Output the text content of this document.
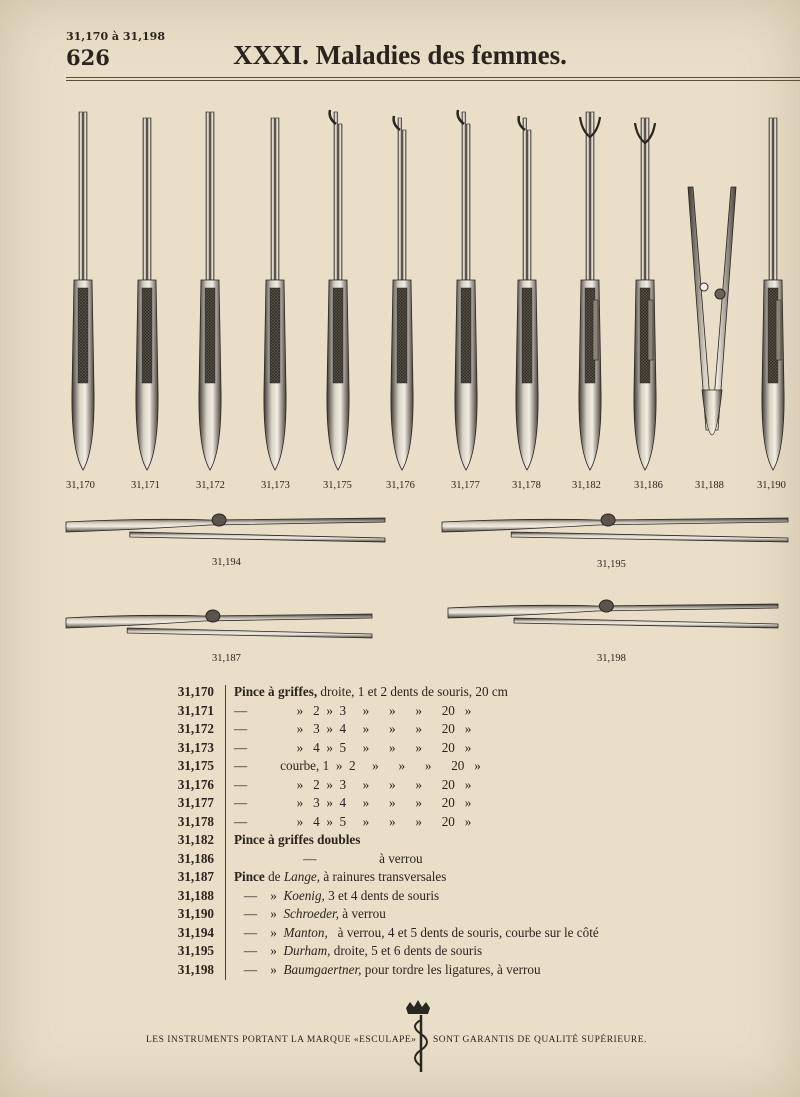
31,170 à 31,198
626	XXXI. Maladies des femmes.
31,170	31,171	31,172	31,173	31,175	31,176	31,177	31,178	31,182	31,186	31,188	31,190
31,194	31,195
31,187	31,198
31,170 Pince à griffes, droite, 1 et 2 dents de souris, 20 cm
31,171 —               »   2  »  3     »      »      »      20   »
31,172 —               »   3  »  4     »      »      »      20   »
31,173 —               »   4  »  5     »      »      »      20   »
31,175 —          courbe, 1  »  2     »      »      »      20   »
31,176 —               »   2  »  3     »      »      »      20   »
31,177 —               »   3  »  4     »      »      »      20   »
31,178 —               »   4  »  5     »      »      »      20   »
31,182 Pince à griffes doubles
31,186 —                   à verrou
31,187 Pince de Lange, à rainures transversales
31,188 —    »  Koenig, 3 et 4 dents de souris
31,190 —    »  Schroeder, à verrou
31,194 —    »  Manton,   à verrou, 4 et 5 dents de souris, courbe sur le côté
31,195 —    »  Durham, droite, 5 et 6 dents de souris
31,198 —    »  Baumgaertner, pour tordre les ligatures, à verrou
LES INSTRUMENTS PORTANT LA MARQUE «ESCULAPE» SONT GARANTIS DE QUALITÉ SUPÉRIEURE.
